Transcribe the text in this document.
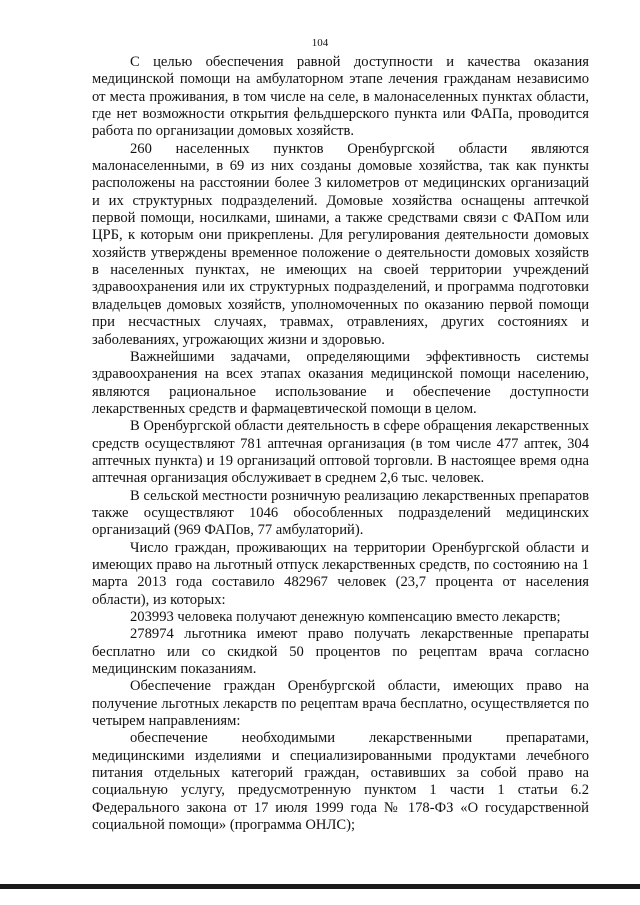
104

С целью обеспечения равной доступности и качества оказания медицинской помощи на амбулаторном этапе лечения гражданам независимо от места проживания, в том числе на селе, в малонаселенных пунктах области, где нет возможности открытия фельдшерского пункта или ФАПа, проводится работа по организации домовых хозяйств.

260 населенных пунктов Оренбургской области являются малонаселенными, в 69 из них созданы домовые хозяйства, так как пункты расположены на расстоянии более 3 километров от медицинских организаций и их структурных подразделений. Домовые хозяйства оснащены аптечкой первой помощи, носилками, шинами, а также средствами связи с ФАПом или ЦРБ, к которым они прикреплены. Для регулирования деятельности домовых хозяйств утверждены временное положение о деятельности домовых хозяйств в населенных пунктах, не имеющих на своей территории учреждений здравоохранения или их структурных подразделений, и программа подготовки владельцев домовых хозяйств, уполномоченных по оказанию первой помощи при несчастных случаях, травмах, отравлениях, других состояниях и заболеваниях, угрожающих жизни и здоровью.

Важнейшими задачами, определяющими эффективность системы здравоохранения на всех этапах оказания медицинской помощи населению, являются рациональное использование и обеспечение доступности лекарственных средств и фармацевтической помощи в целом.

В Оренбургской области деятельность в сфере обращения лекарственных средств осуществляют 781 аптечная организация (в том числе 477 аптек, 304 аптечных пункта) и 19 организаций оптовой торговли. В настоящее время одна аптечная организация обслуживает в среднем 2,6 тыс. человек.

В сельской местности розничную реализацию лекарственных препаратов также осуществляют 1046 обособленных подразделений медицинских организаций (969 ФАПов, 77 амбулаторий).

Число граждан, проживающих на территории Оренбургской области и имеющих право на льготный отпуск лекарственных средств, по состоянию на 1 марта 2013 года составило 482967 человек (23,7 процента от населения области), из которых:

203993 человека получают денежную компенсацию вместо лекарств;

278974 льготника имеют право получать лекарственные препараты бесплатно или со скидкой 50 процентов по рецептам врача согласно медицинским показаниям.

Обеспечение граждан Оренбургской области, имеющих право на получение льготных лекарств по рецептам врача бесплатно, осуществляется по четырем направлениям:

обеспечение необходимыми лекарственными препаратами, медицинскими изделиями и специализированными продуктами лечебного питания отдельных категорий граждан, оставивших за собой право на социальную услугу, предусмотренную пунктом 1 части 1 статьи 6.2 Федерального закона от 17 июля 1999 года № 178-ФЗ «О государственной социальной помощи» (программа ОНЛС);
